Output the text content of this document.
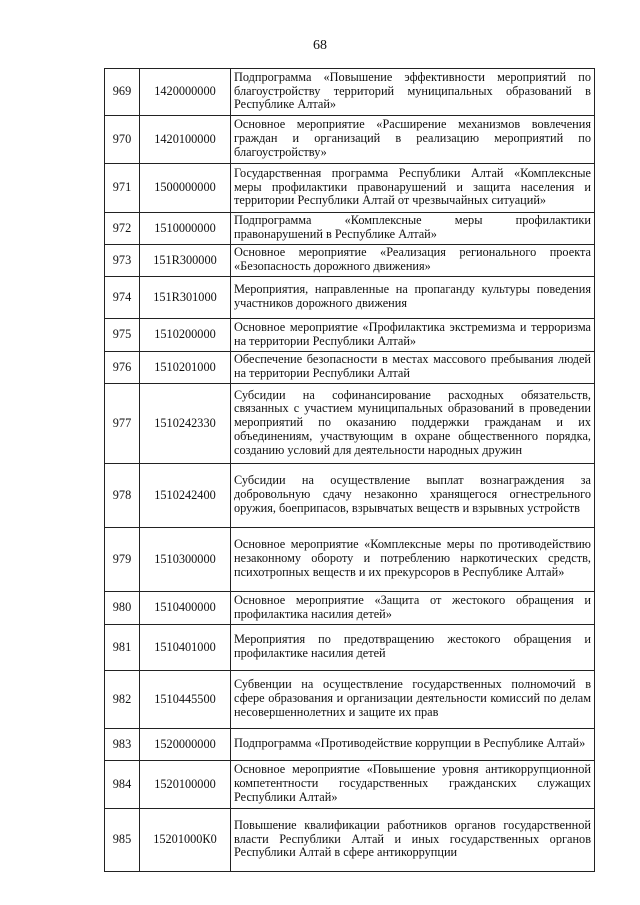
68
969	1420000000	Подпрограмма «Повышение эффективности мероприятий по благоустройству территорий муниципальных образований в Республике Алтай»
970	1420100000	Основное мероприятие «Расширение механизмов вовлечения граждан и организаций в реализацию мероприятий по благоустройству»
971	1500000000	Государственная программа Республики Алтай «Комплексные меры профилактики правонарушений и защита населения и территории Республики Алтай от чрезвычайных ситуаций»
972	1510000000	Подпрограмма «Комплексные меры профилактики правонарушений в Республике Алтай»
973	151R300000	Основное мероприятие «Реализация регионального проекта «Безопасность дорожного движения»
974	151R301000	Мероприятия, направленные на пропаганду культуры поведения участников дорожного движения
975	1510200000	Основное мероприятие «Профилактика экстремизма и терроризма на территории Республики Алтай»
976	1510201000	Обеспечение безопасности в местах массового пребывания людей на территории Республики Алтай
977	1510242330	Субсидии на софинансирование расходных обязательств, связанных с участием муниципальных образований в проведении мероприятий по оказанию поддержки гражданам и их объединениям, участвующим в охране общественного порядка, созданию условий для деятельности народных дружин
978	1510242400	Субсидии на осуществление выплат вознаграждения за добровольную сдачу незаконно хранящегося огнестрельного оружия, боеприпасов, взрывчатых веществ и взрывных устройств
979	1510300000	Основное мероприятие «Комплексные меры по противодействию незаконному обороту и потреблению наркотических средств, психотропных веществ и их прекурсоров в Республике Алтай»
980	1510400000	Основное мероприятие «Защита от жестокого обращения и профилактика насилия детей»
981	1510401000	Мероприятия по предотвращению жестокого обращения и профилактике насилия детей
982	1510445500	Субвенции на осуществление государственных полномочий в сфере образования и организации деятельности комиссий по делам несовершеннолетних и защите их прав
983	1520000000	Подпрограмма «Противодействие коррупции в Республике Алтай»
984	1520100000	Основное мероприятие «Повышение уровня антикоррупционной компетентности государственных гражданских служащих Республики Алтай»
985	15201000К0	Повышение квалификации работников органов государственной власти Республики Алтай и иных государственных органов Республики Алтай в сфере антикоррупции
